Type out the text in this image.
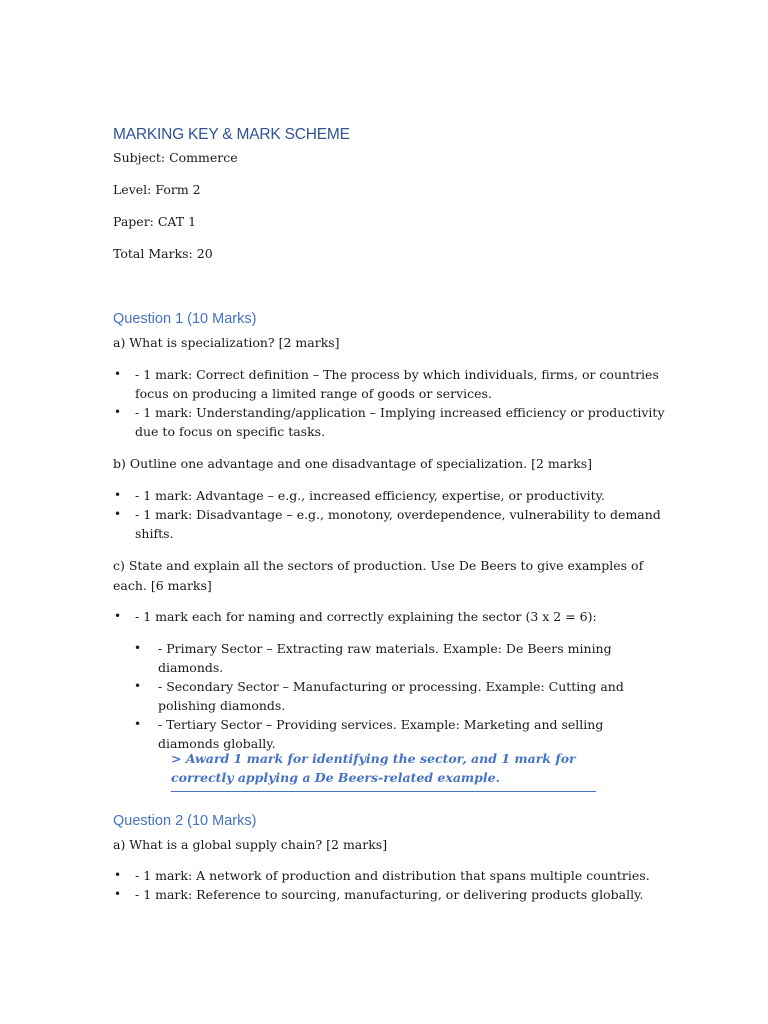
MARKING KEY & MARK SCHEME
Subject: Commerce
Level: Form 2
Paper: CAT 1
Total Marks: 20
Question 1 (10 Marks)
a) What is specialization? [2 marks]
• - 1 mark: Correct definition – The process by which individuals, firms, or countries focus on producing a limited range of goods or services.
• - 1 mark: Understanding/application – Implying increased efficiency or productivity due to focus on specific tasks.
b) Outline one advantage and one disadvantage of specialization. [2 marks]
• - 1 mark: Advantage – e.g., increased efficiency, expertise, or productivity.
• - 1 mark: Disadvantage – e.g., monotony, overdependence, vulnerability to demand shifts.
c) State and explain all the sectors of production. Use De Beers to give examples of each. [6 marks]
• - 1 mark each for naming and correctly explaining the sector (3 x 2 = 6):
• - Primary Sector – Extracting raw materials. Example: De Beers mining diamonds.
• - Secondary Sector – Manufacturing or processing. Example: Cutting and polishing diamonds.
• - Tertiary Sector – Providing services. Example: Marketing and selling diamonds globally.
> Award 1 mark for identifying the sector, and 1 mark for correctly applying a De Beers-related example.
Question 2 (10 Marks)
a) What is a global supply chain? [2 marks]
• - 1 mark: A network of production and distribution that spans multiple countries.
• - 1 mark: Reference to sourcing, manufacturing, or delivering products globally.
